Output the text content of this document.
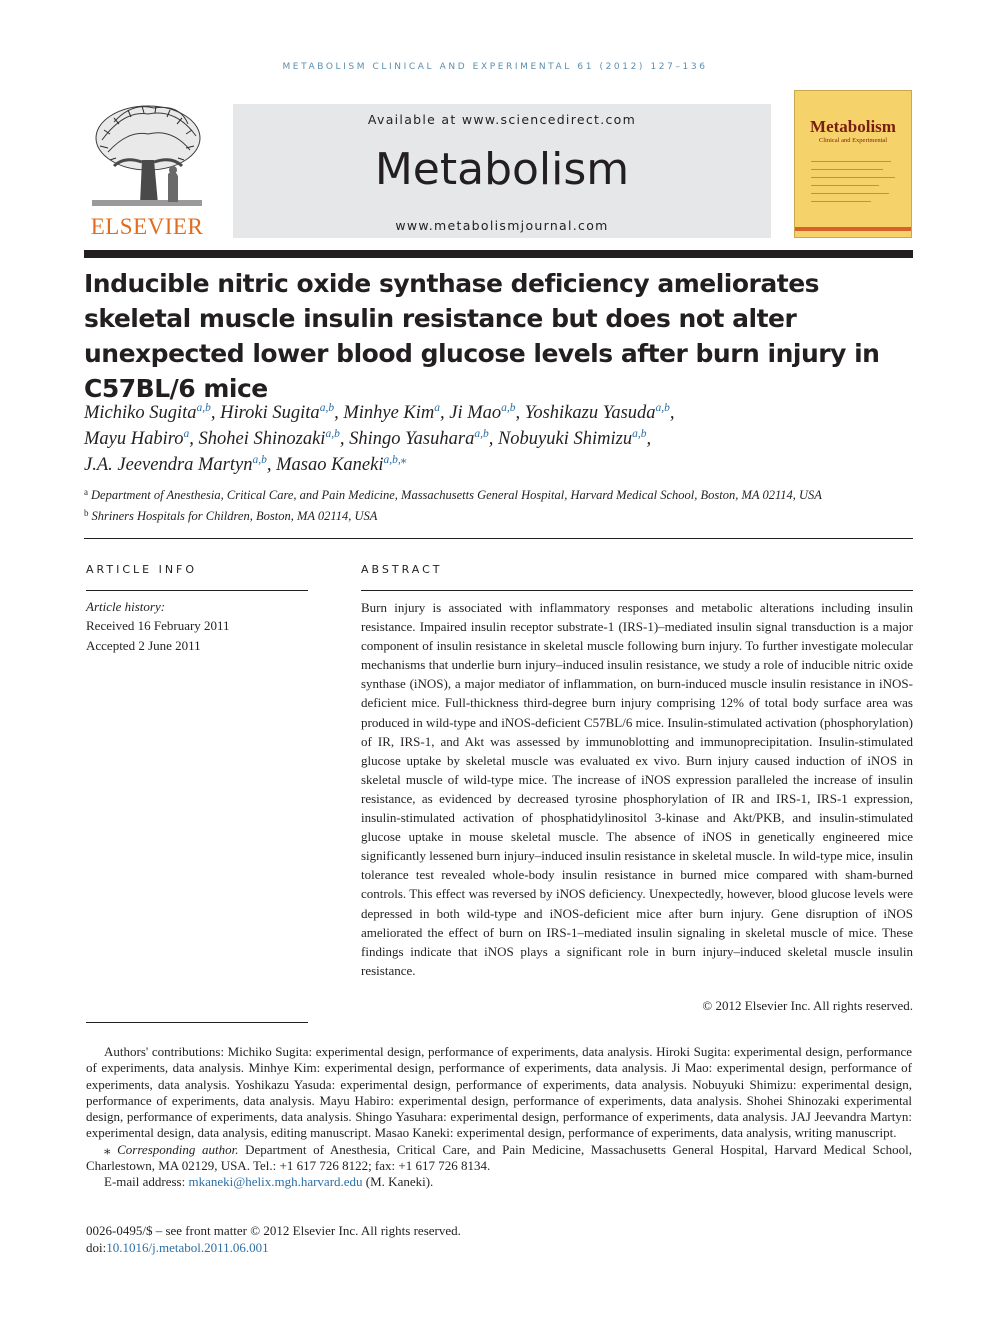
METABOLISM CLINICAL AND EXPERIMENTAL 61 (2012) 127–136
ELSEVIER
Available at www.sciencedirect.com
Metabolism
www.metabolismjournal.com
Metabolism
Clinical and Experimental
Inducible nitric oxide synthase deficiency ameliorates skeletal muscle insulin resistance but does not alter unexpected lower blood glucose levels after burn injury in C57BL/6 mice
Michiko Sugita$^{a,b}$, Hiroki Sugita$^{a,b}$, Minhye Kim$^a$, Ji Mao$^{a,b}$, Yoshikazu Yasuda$^{a,b}$,
Mayu Habiro$^a$, Shohei Shinozaki$^{a,b}$, Shingo Yasuhara$^{a,b}$, Nobuyuki Shimizu$^{a,b}$,
J.A. Jeevendra Martyn$^{a,b}$, Masao Kaneki$^{a,b,⁎}$
$^a$ Department of Anesthesia, Critical Care, and Pain Medicine, Massachusetts General Hospital, Harvard Medical School, Boston, MA 02114, USA
$^b$ Shriners Hospitals for Children, Boston, MA 02114, USA
ARTICLE INFO
Article history:
Received 16 February 2011
Accepted 2 June 2011
ABSTRACT
Burn injury is associated with inflammatory responses and metabolic alterations including insulin resistance. Impaired insulin receptor substrate-1 (IRS-1)–mediated insulin signal transduction is a major component of insulin resistance in skeletal muscle following burn injury. To further investigate molecular mechanisms that underlie burn injury–induced insulin resistance, we study a role of inducible nitric oxide synthase (iNOS), a major mediator of inflammation, on burn-induced muscle insulin resistance in iNOS-deficient mice. Full-thickness third-degree burn injury comprising 12% of total body surface area was produced in wild-type and iNOS-deficient C57BL/6 mice. Insulin-stimulated activation (phosphorylation) of IR, IRS-1, and Akt was assessed by immunoblotting and immunoprecipitation. Insulin-stimulated glucose uptake by skeletal muscle was evaluated ex vivo. Burn injury caused induction of iNOS in skeletal muscle of wild-type mice. The increase of iNOS expression paralleled the increase of insulin resistance, as evidenced by decreased tyrosine phosphorylation of IR and IRS-1, IRS-1 expression, insulin-stimulated activation of phosphatidylinositol 3-kinase and Akt/PKB, and insulin-stimulated glucose uptake in mouse skeletal muscle. The absence of iNOS in genetically engineered mice significantly lessened burn injury–induced insulin resistance in skeletal muscle. In wild-type mice, insulin tolerance test revealed whole-body insulin resistance in burned mice compared with sham-burned controls. This effect was reversed by iNOS deficiency. Unexpectedly, however, blood glucose levels were depressed in both wild-type and iNOS-deficient mice after burn injury. Gene disruption of iNOS ameliorated the effect of burn on IRS-1–mediated insulin signaling in skeletal muscle of mice. These findings indicate that iNOS plays a significant role in burn injury–induced skeletal muscle insulin resistance.
© 2012 Elsevier Inc. All rights reserved.

Authors' contributions: Michiko Sugita: experimental design, performance of experiments, data analysis. Hiroki Sugita: experimental design, performance of experiments, data analysis. Minhye Kim: experimental design, performance of experiments, data analysis. Ji Mao: experimental design, performance of experiments, data analysis. Yoshikazu Yasuda: experimental design, performance of experiments, data analysis. Nobuyuki Shimizu: experimental design, performance of experiments, data analysis. Mayu Habiro: experimental design, performance of experiments, data analysis. Shohei Shinozaki experimental design, performance of experiments, data analysis. Shingo Yasuhara: experimental design, performance of experiments, data analysis. JAJ Jeevandra Martyn: experimental design, data analysis, editing manuscript. Masao Kaneki: experimental design, performance of experiments, data analysis, writing manuscript.

⁎ Corresponding author. Department of Anesthesia, Critical Care, and Pain Medicine, Massachusetts General Hospital, Harvard Medical School, Charlestown, MA 02129, USA. Tel.: +1 617 726 8122; fax: +1 617 726 8134.

E-mail address: mkaneki@helix.mgh.harvard.edu (M. Kaneki).

0026-0495/$ – see front matter © 2012 Elsevier Inc. All rights reserved.
doi:10.1016/j.metabol.2011.06.001
